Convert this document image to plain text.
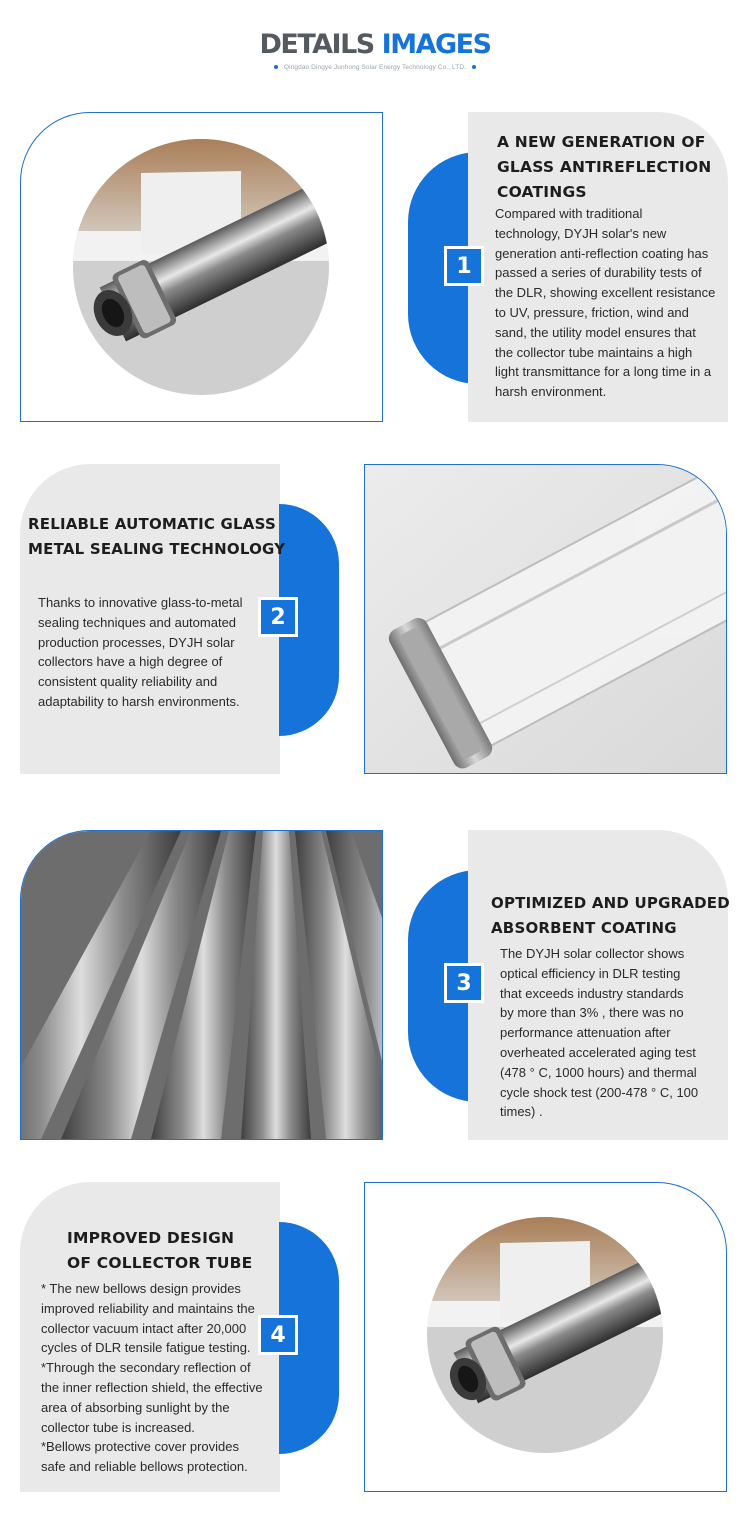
DETAILS IMAGES
Qingdao Dingye Junhong Solar Energy Technology Co., LTD.
1
A NEW GENERATION OF
GLASS ANTIREFLECTION
COATINGS
Compared with traditional
technology, DYJH solar's new
generation anti-reflection coating has
passed a series of durability tests of
the DLR, showing excellent resistance
to UV, pressure, friction, wind and
sand, the utility model ensures that
the collector tube maintains a high
light transmittance for a long time in a
harsh environment.
2
RELIABLE AUTOMATIC GLASS
METAL SEALING TECHNOLOGY
Thanks to innovative glass-to-metal
sealing techniques and automated
production processes, DYJH solar
collectors have a high degree of
consistent quality reliability and
adaptability to harsh environments.
3
OPTIMIZED AND UPGRADED
ABSORBENT COATING
The DYJH solar collector shows
optical efficiency in DLR testing
that exceeds industry standards
by more than 3% , there was no
performance attenuation after
overheated accelerated aging test
(478 ° C, 1000 hours) and thermal
cycle shock test (200-478 ° C, 100
times) .
4
IMPROVED DESIGN
OF COLLECTOR TUBE
* The new bellows design provides
improved reliability and maintains the
collector vacuum intact after 20,000
cycles of DLR tensile fatigue testing.
*Through the secondary reflection of
the inner reflection shield, the effective
area of absorbing sunlight by the
collector tube is increased.
*Bellows protective cover provides
safe and reliable bellows protection.
